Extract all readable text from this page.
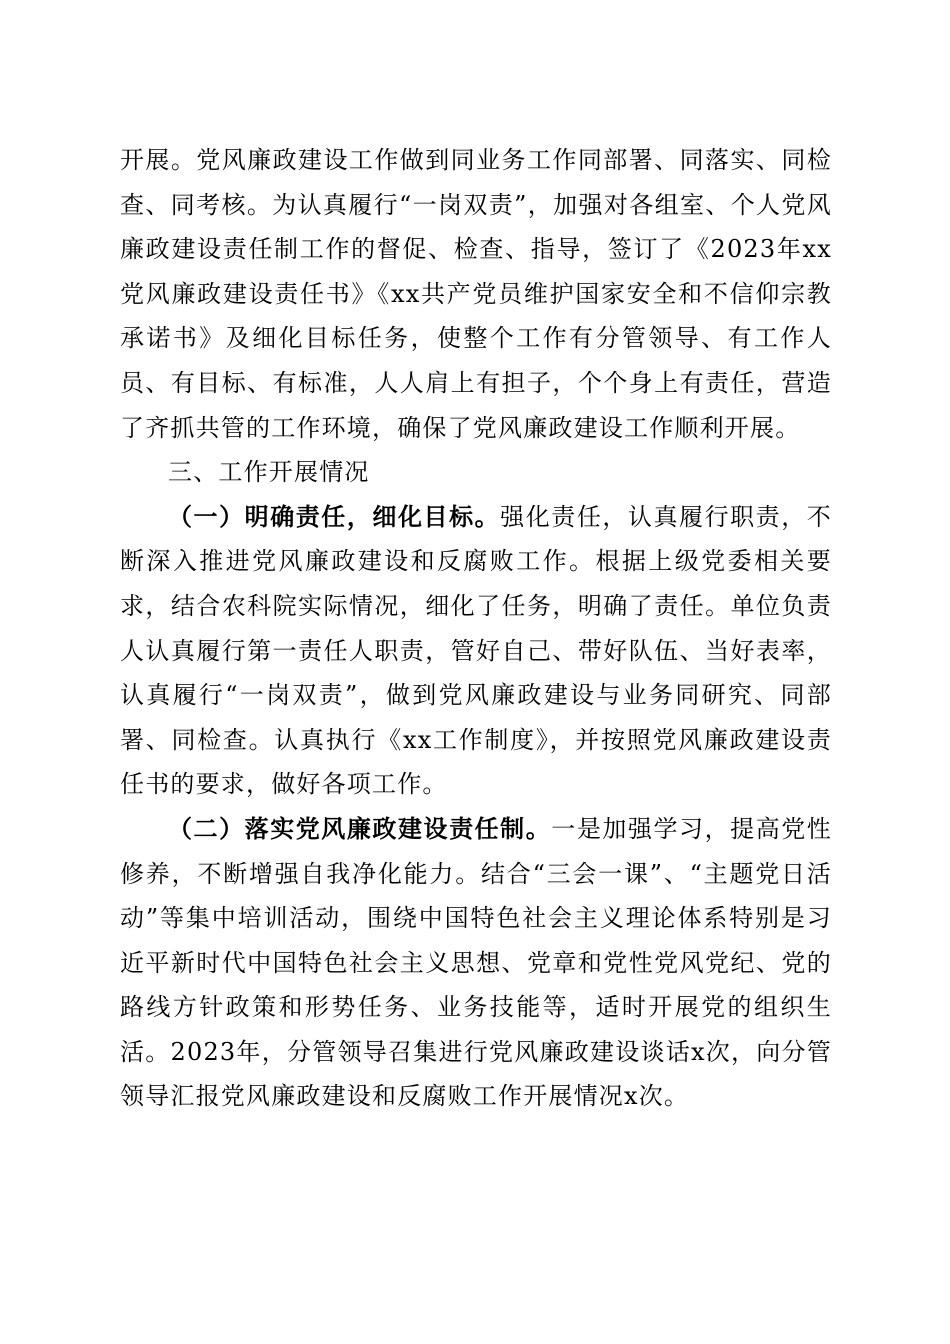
开展。党风廉政建设工作做到同业务工作同部署、同落实、同检查、同考核。为认真履行“一岗双责”，加强对各组室、个人党风廉政建设责任制工作的督促、检查、指导，签订了《2023年xx党风廉政建设责任书》《xx共产党员维护国家安全和不信仰宗教承诺书》及细化目标任务，使整个工作有分管领导、有工作人员、有目标、有标准，人人肩上有担子，个个身上有责任，营造了齐抓共管的工作环境，确保了党风廉政建设工作顺利开展。

三、工作开展情况

（一）明确责任，细化目标。强化责任，认真履行职责，不断深入推进党风廉政建设和反腐败工作。根据上级党委相关要求，结合农科院实际情况，细化了任务，明确了责任。单位负责人认真履行第一责任人职责，管好自己、带好队伍、当好表率，认真履行“一岗双责”，做到党风廉政建设与业务同研究、同部署、同检查。认真执行《xx工作制度》，并按照党风廉政建设责任书的要求，做好各项工作。

（二）落实党风廉政建设责任制。一是加强学习，提高党性修养，不断增强自我净化能力。结合“三会一课”、“主题党日活动”等集中培训活动，围绕中国特色社会主义理论体系特别是习近平新时代中国特色社会主义思想、党章和党性党风党纪、党的路线方针政策和形势任务、业务技能等，适时开展党的组织生活。2023年，分管领导召集进行党风廉政建设谈话x次，向分管领导汇报党风廉政建设和反腐败工作开展情况x次。
